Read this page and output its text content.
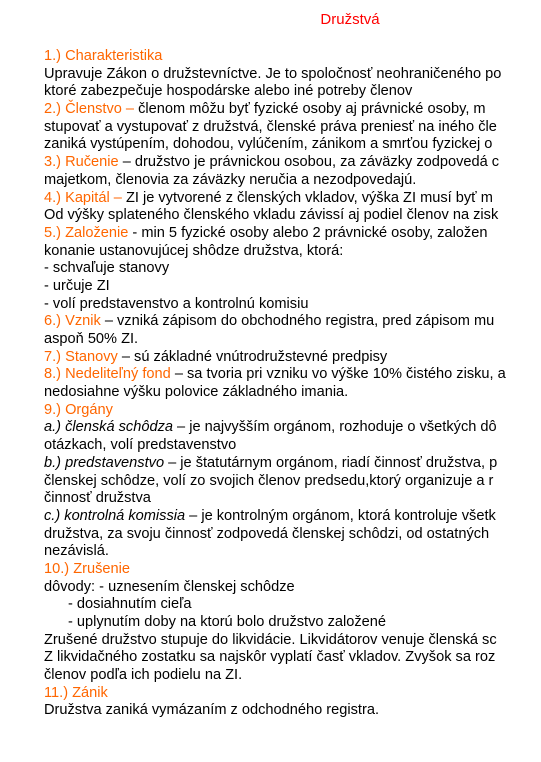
Družstvá
1.) Charakteristika
Upravuje Zákon o družstevníctve. Je to spoločnosť neohraničeného po
ktoré zabezpečuje hospodárske alebo iné potreby členov
2.) Členstvo – členom môžu byť fyzické osoby aj právnické osoby, m
stupovať a vystupovať z družstvá, členské práva preniesť na iného čle
zaniká vystúpením, dohodou, vylúčením, zánikom a smrťou fyzickej o
3.) Ručenie – družstvo je právnickou osobou, za záväzky zodpovedá c
majetkom, členovia za záväzky neručia a nezodpovedajú.
4.) Kapitál – ZI je vytvorené z členských vkladov, výška ZI musí byť m
Od výšky splateného členského vkladu závissí aj podiel členov na zisk
5.) Založenie - min 5 fyzické osoby alebo 2 právnické osoby, založen
konanie ustanovujúcej shôdze družstva, ktorá:
- schvaľuje stanovy
- určuje ZI
- volí predstavenstvo a kontrolnú komisiu
6.) Vznik – vzniká zápisom do obchodného registra, pred zápisom mu
aspoň 50% ZI.
7.) Stanovy – sú základné vnútrodružstevné predpisy
8.) Nedeliteľný fond – sa tvoria pri vzniku vo výške 10% čistého zisku, a
nedosiahne výšku polovice základného imania.
9.) Orgány
a.) členská schôdza – je najvyšším orgánom, rozhoduje o všetkých dô
otázkach, volí predstavenstvo
b.) predstavenstvo – je štatutárnym orgánom, riadí činnosť družstva, p
členskej schôdze, volí zo svojich členov predsedu,ktorý organizuje a r
činnosť družstva
c.) kontrolná komissia – je kontrolným orgánom, ktorá kontroluje všetk
družstva, za svoju činnosť zodpovedá členskej schôdzi, od ostatných
nezávislá.
10.) Zrušenie
dôvody: - uznesením členskej schôdze
- dosiahnutím cieľa
- uplynutím doby na ktorú bolo družstvo založené
Zrušené družstvo stupuje do likvidácie. Likvidátorov venuje členská sc
Z likvidačného zostatku sa najskôr vyplatí časť vkladov. Zvyšok sa roz
členov podľa ich podielu na ZI.
11.) Zánik
Družstva zaniká vymázaním z odchodného registra.
